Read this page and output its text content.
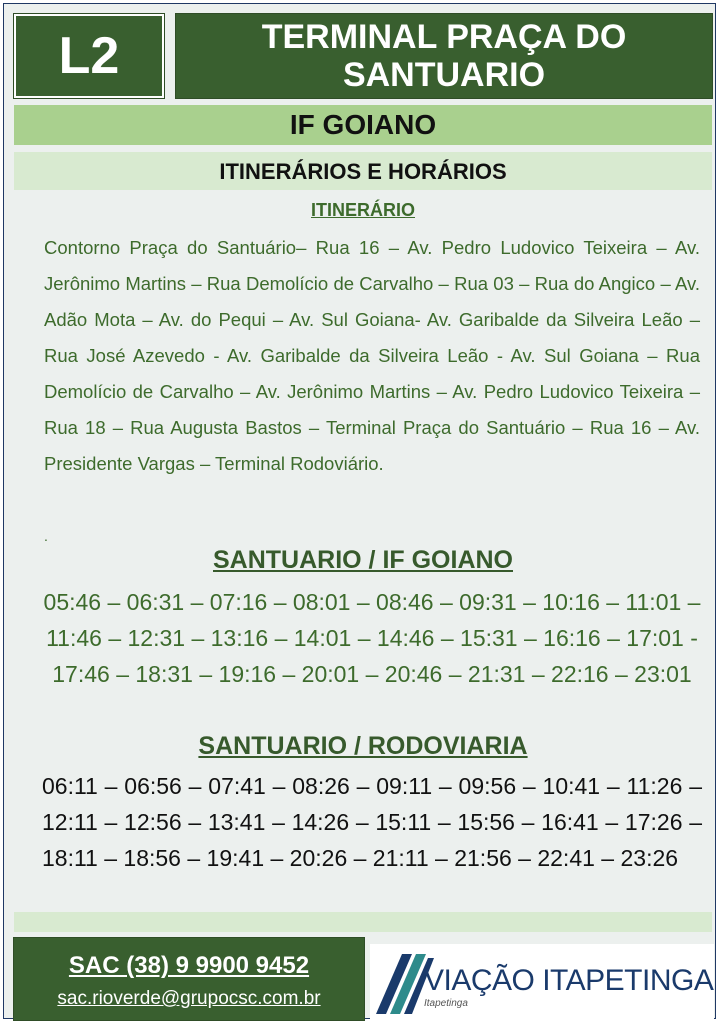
L2	TERMINAL PRAÇA DO SANTUARIO
IF GOIANO
ITINERÁRIOS E HORÁRIOS
ITINERÁRIO
Contorno Praça do Santuário– Rua 16 – Av. Pedro Ludovico Teixeira – Av. Jerônimo Martins – Rua Demolício de Carvalho – Rua 03 – Rua do Angico – Av. Adão Mota – Av. do Pequi – Av. Sul Goiana- Av. Garibalde da Silveira Leão – Rua José Azevedo - Av. Garibalde da Silveira Leão - Av. Sul Goiana – Rua Demolício de Carvalho – Av. Jerônimo Martins – Av. Pedro Ludovico Teixeira – Rua 18 – Rua Augusta Bastos – Terminal Praça do Santuário – Rua 16 – Av. Presidente Vargas – Terminal Rodoviário.
.
SANTUARIO / IF GOIANO
05:46 – 06:31 – 07:16 – 08:01 – 08:46 – 09:31 – 10:16 – 11:01 – 11:46 – 12:31 – 13:16 – 14:01 – 14:46 – 15:31 – 16:16 – 17:01 - 17:46 – 18:31 – 19:16 – 20:01 – 20:46 – 21:31 – 22:16 – 23:01
SANTUARIO / RODOVIARIA
06:11 – 06:56 – 07:41 – 08:26 – 09:11 – 09:56 – 10:41 – 11:26 – 12:11 – 12:56 – 13:41 – 14:26 – 15:11 – 15:56 – 16:41 – 17:26 – 18:11 – 18:56 – 19:41 – 20:26 – 21:11 – 21:56 – 22:41 – 23:26
SAC (38) 9 9900 9452
sac.rioverde@grupocsc.com.br
VIAÇÃO ITAPETINGA
Itapetinga
